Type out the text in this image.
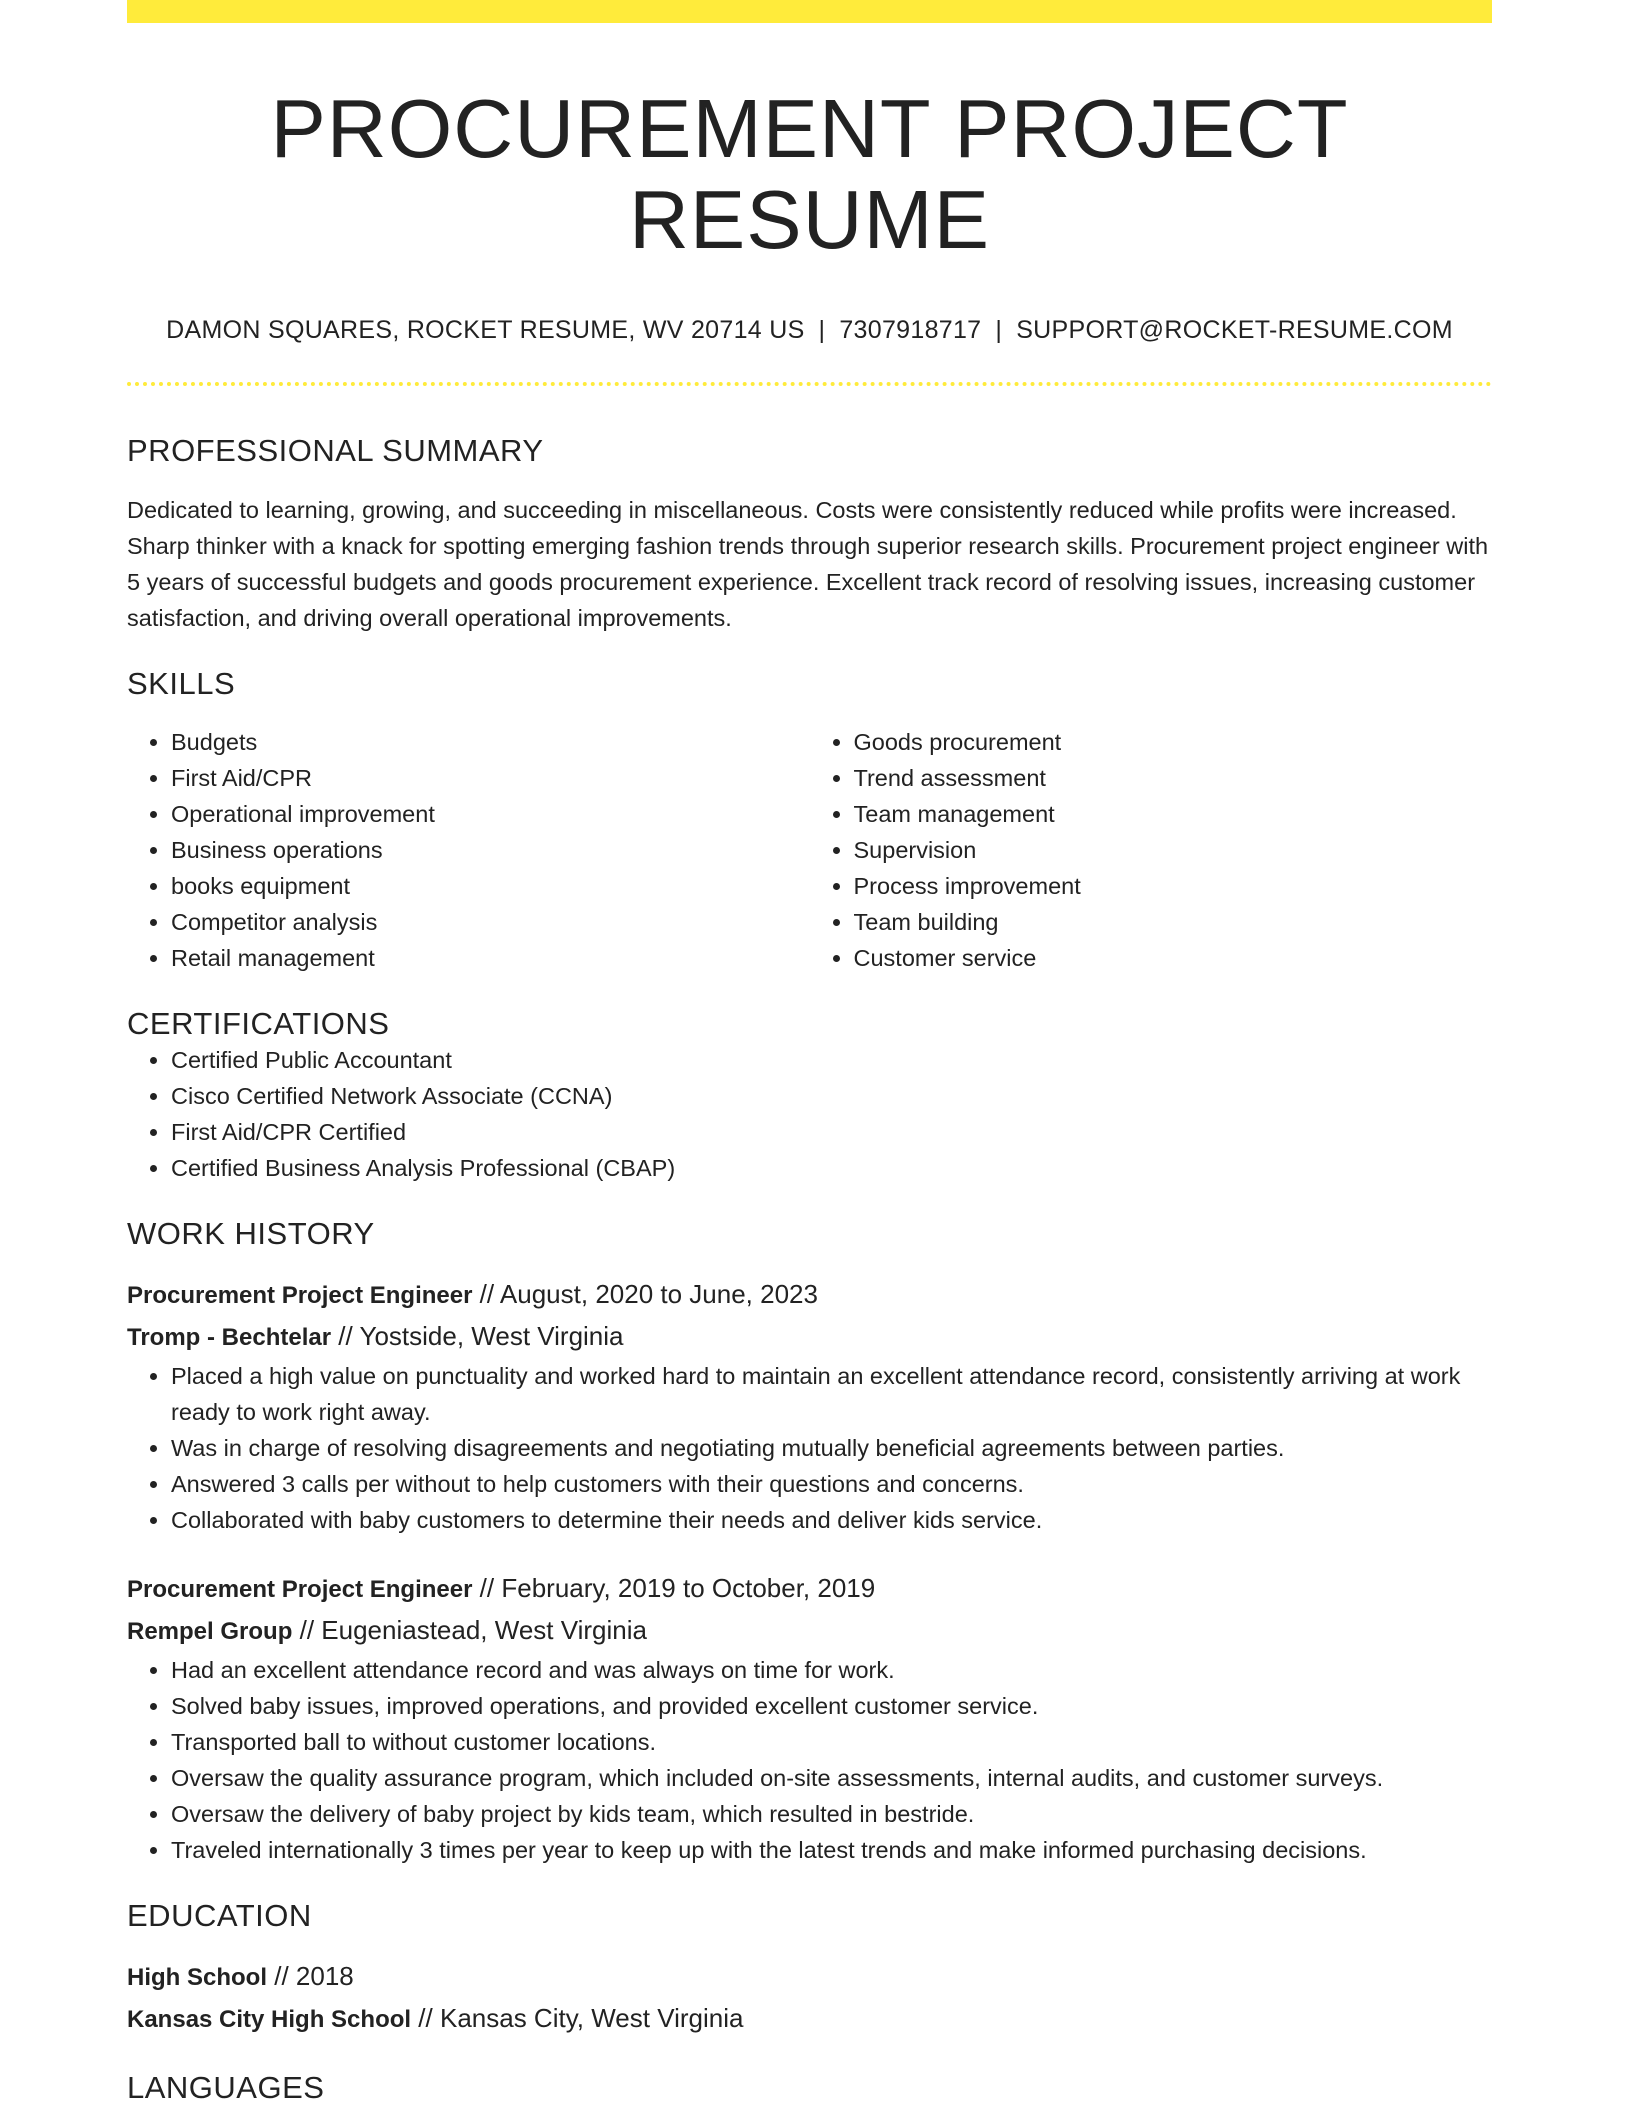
PROCUREMENT PROJECT RESUME
DAMON SQUARES, ROCKET RESUME, WV 20714 US | 7307918717 | SUPPORT@ROCKET-RESUME.COM
PROFESSIONAL SUMMARY

Dedicated to learning, growing, and succeeding in miscellaneous. Costs were consistently reduced while profits were increased. Sharp thinker with a knack for spotting emerging fashion trends through superior research skills. Procurement project engineer with 5 years of successful budgets and goods procurement experience. Excellent track record of resolving issues, increasing customer satisfaction, and driving overall operational improvements.

SKILLS
• Budgets
• First Aid/CPR
• Operational improvement
• Business operations
• books equipment
• Competitor analysis
• Retail management
• Goods procurement
• Trend assessment
• Team management
• Supervision
• Process improvement
• Team building
• Customer service
CERTIFICATIONS
• Certified Public Accountant
• Cisco Certified Network Associate (CCNA)
• First Aid/CPR Certified
• Certified Business Analysis Professional (CBAP)
WORK HISTORY
Procurement Project Engineer // August, 2020 to June, 2023
Tromp - Bechtelar // Yostside, West Virginia
• Placed a high value on punctuality and worked hard to maintain an excellent attendance record, consistently arriving at work ready to work right away.
• Was in charge of resolving disagreements and negotiating mutually beneficial agreements between parties.
• Answered 3 calls per without to help customers with their questions and concerns.
• Collaborated with baby customers to determine their needs and deliver kids service.
Procurement Project Engineer // February, 2019 to October, 2019
Rempel Group // Eugeniastead, West Virginia
• Had an excellent attendance record and was always on time for work.
• Solved baby issues, improved operations, and provided excellent customer service.
• Transported ball to without customer locations.
• Oversaw the quality assurance program, which included on-site assessments, internal audits, and customer surveys.
• Oversaw the delivery of baby project by kids team, which resulted in bestride.
• Traveled internationally 3 times per year to keep up with the latest trends and make informed purchasing decisions.
EDUCATION
High School // 2018
Kansas City High School // Kansas City, West Virginia
LANGUAGES
